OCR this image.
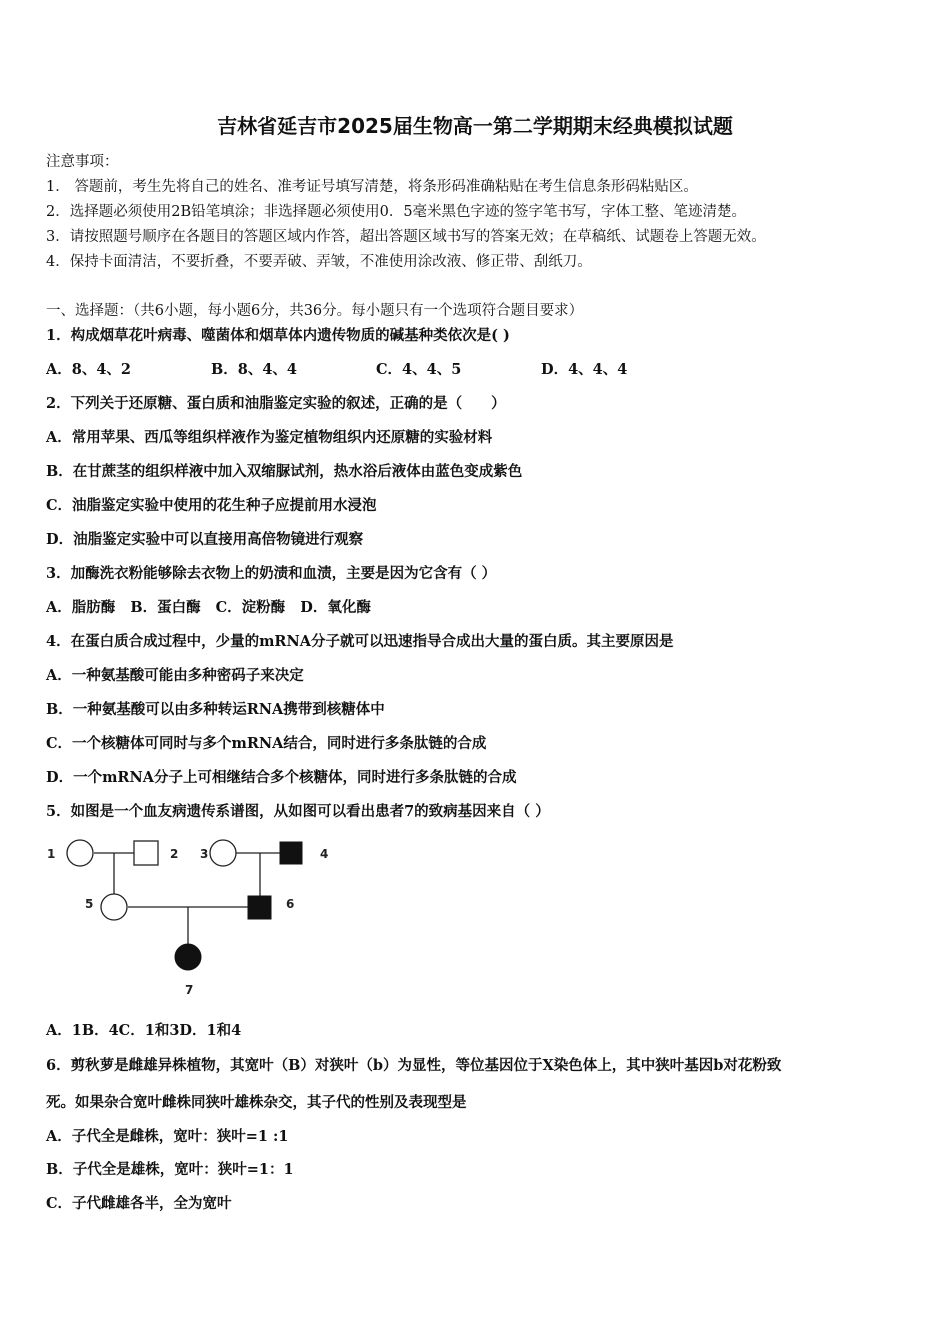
吉林省延吉市2025届生物高一第二学期期末经典模拟试题
注意事项：
1． 答题前，考生先将自己的姓名、准考证号填写清楚，将条形码准确粘贴在考生信息条形码粘贴区。
2．选择题必须使用2B铅笔填涂；非选择题必须使用0．5毫米黑色字迹的签字笔书写，字体工整、笔迹清楚。
3．请按照题号顺序在各题目的答题区域内作答，超出答题区域书写的答案无效；在草稿纸、试题卷上答题无效。
4．保持卡面清洁，不要折叠，不要弄破、弄皱，不准使用涂改液、修正带、刮纸刀。
一、选择题：（共6小题，每小题6分，共36分。每小题只有一个选项符合题目要求）
1．构成烟草花叶病毒、噬菌体和烟草体内遗传物质的碱基种类依次是( )
A．8、4、2	B．8、4、4	C．4、4、5	D．4、4、4
2．下列关于还原糖、蛋白质和油脂鉴定实验的叙述，正确的是（　　）
A．常用苹果、西瓜等组织样液作为鉴定植物组织内还原糖的实验材料
B．在甘蔗茎的组织样液中加入双缩脲试剂，热水浴后液体由蓝色变成紫色
C．油脂鉴定实验中使用的花生种子应提前用水浸泡
D．油脂鉴定实验中可以直接用高倍物镜进行观察
3．加酶洗衣粉能够除去衣物上的奶渍和血渍，主要是因为它含有（ ）
A．脂肪酶 B．蛋白酶 C．淀粉酶 D．氧化酶
4．在蛋白质合成过程中，少量的mRNA分子就可以迅速指导合成出大量的蛋白质。其主要原因是
A．一种氨基酸可能由多种密码子来决定
B．一种氨基酸可以由多种转运RNA携带到核糖体中
C．一个核糖体可同时与多个mRNA结合，同时进行多条肽链的合成
D．一个mRNA分子上可相继结合多个核糖体，同时进行多条肽链的合成
5．如图是一个血友病遗传系谱图，从如图可以看出患者7的致病基因来自（ ）
1	2 3	4
5	6
7
A．1B．4C．1和3D．1和4
6．剪秋萝是雌雄异株植物，其宽叶（B）对狭叶（b）为显性，等位基因位于X染色体上，其中狭叶基因b对花粉致
死。如果杂合宽叶雌株同狭叶雄株杂交，其子代的性别及表现型是
A．子代全是雌株，宽叶：狭叶=1 :1
B．子代全是雄株，宽叶：狭叶=1：1
C．子代雌雄各半，全为宽叶
